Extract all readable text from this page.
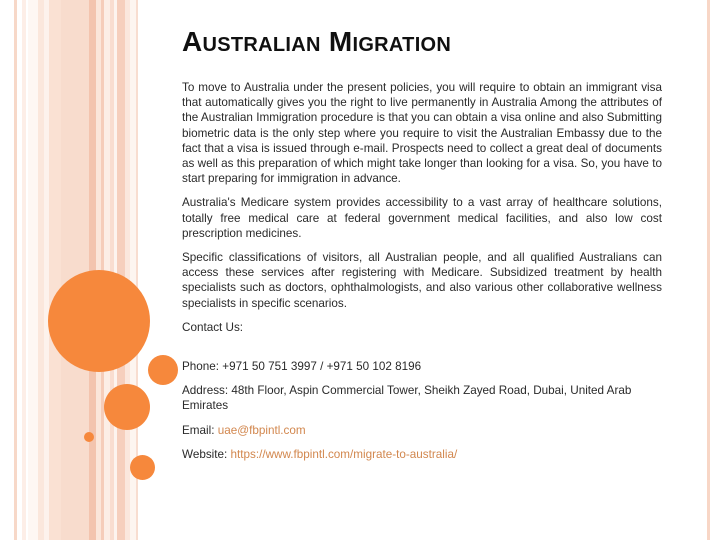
Australian Migration

To move to Australia under the present policies, you will require to obtain an immigrant visa that automatically gives you the right to live permanently in Australia Among the attributes of the Australian Immigration procedure is that you can obtain a visa online and also Submitting biometric data is the only step where you require to visit the Australian Embassy due to the fact that a visa is issued through e-mail. Prospects need to collect a great deal of documents as well as this preparation of which might take longer than looking for a visa. So, you have to start preparing for immigration in advance.

Australia's Medicare system provides accessibility to a vast array of healthcare solutions, totally free medical care at federal government medical facilities, and also low cost prescription medicines.

Specific classifications of visitors, all Australian people, and all qualified Australians can access these services after registering with Medicare. Subsidized treatment by health specialists such as doctors, ophthalmologists, and also various other collaborative wellness specialists in specific scenarios.

Contact Us:

Phone: +971 50 751 3997 / +971 50 102 8196

Address: 48th Floor, Aspin Commercial Tower, Sheikh Zayed Road, Dubai, United Arab Emirates

Email: uae@fbpintl.com

Website: https://www.fbpintl.com/migrate-to-australia/
